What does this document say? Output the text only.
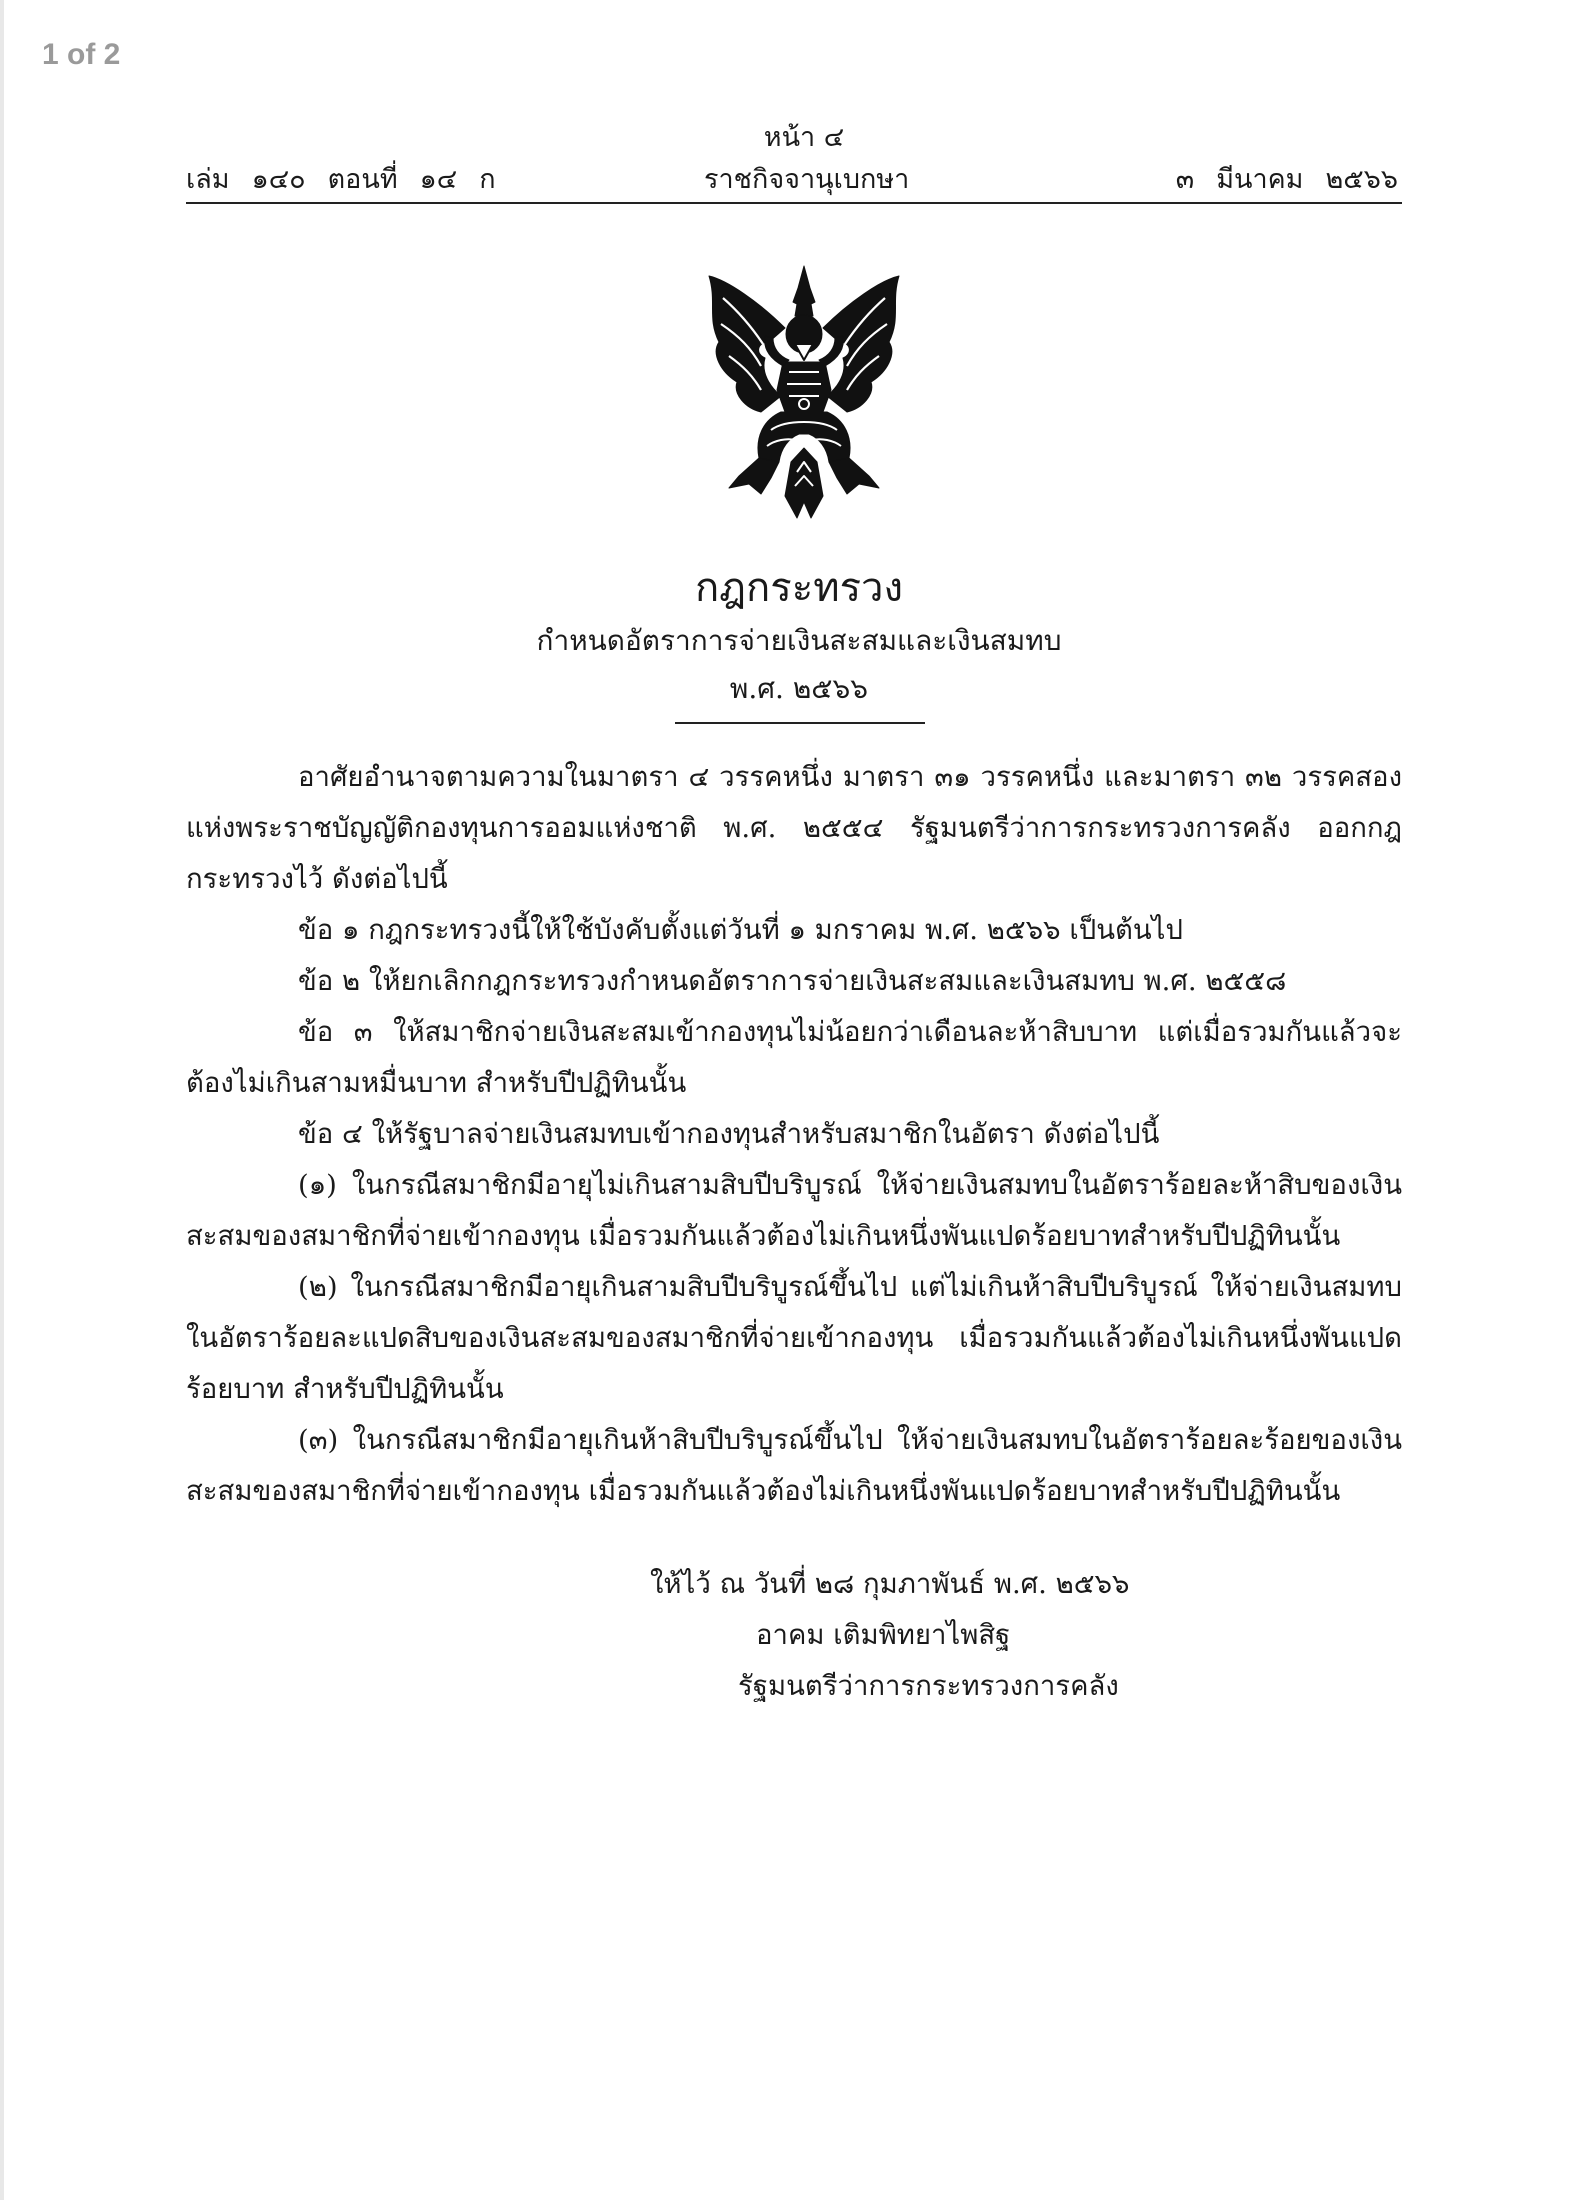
1 of 2
หน้า ๔
เล่ม ๑๔๐ ตอนที่ ๑๔ ก	ราชกิจจานุเบกษา	๓ มีนาคม ๒๕๖๖
กฎกระทรวง
กำหนดอัตราการจ่ายเงินสะสมและเงินสมทบ
พ.ศ. ๒๕๖๖

อาศัยอำนาจตามความในมาตรา ๔ วรรคหนึ่ง มาตรา ๓๑ วรรคหนึ่ง และมาตรา ๓๒ วรรคสอง แห่งพระราชบัญญัติกองทุนการออมแห่งชาติ พ.ศ. ๒๕๕๔ รัฐมนตรีว่าการกระทรวงการคลัง ออกกฎกระทรวงไว้ ดังต่อไปนี้

ข้อ ๑ กฎกระทรวงนี้ให้ใช้บังคับตั้งแต่วันที่ ๑ มกราคม พ.ศ. ๒๕๖๖ เป็นต้นไป

ข้อ ๒ ให้ยกเลิกกฎกระทรวงกำหนดอัตราการจ่ายเงินสะสมและเงินสมทบ พ.ศ. ๒๕๕๘

ข้อ ๓ ให้สมาชิกจ่ายเงินสะสมเข้ากองทุนไม่น้อยกว่าเดือนละห้าสิบบาท แต่เมื่อรวมกันแล้วจะต้องไม่เกินสามหมื่นบาท สำหรับปีปฏิทินนั้น

ข้อ ๔ ให้รัฐบาลจ่ายเงินสมทบเข้ากองทุนสำหรับสมาชิกในอัตรา ดังต่อไปนี้

(๑) ในกรณีสมาชิกมีอายุไม่เกินสามสิบปีบริบูรณ์ ให้จ่ายเงินสมทบในอัตราร้อยละห้าสิบของเงินสะสมของสมาชิกที่จ่ายเข้ากองทุน เมื่อรวมกันแล้วต้องไม่เกินหนึ่งพันแปดร้อยบาทสำหรับปีปฏิทินนั้น

(๒) ในกรณีสมาชิกมีอายุเกินสามสิบปีบริบูรณ์ขึ้นไป แต่ไม่เกินห้าสิบปีบริบูรณ์ ให้จ่ายเงินสมทบในอัตราร้อยละแปดสิบของเงินสะสมของสมาชิกที่จ่ายเข้ากองทุน เมื่อรวมกันแล้วต้องไม่เกินหนึ่งพันแปดร้อยบาท สำหรับปีปฏิทินนั้น

(๓) ในกรณีสมาชิกมีอายุเกินห้าสิบปีบริบูรณ์ขึ้นไป ให้จ่ายเงินสมทบในอัตราร้อยละร้อยของเงินสะสมของสมาชิกที่จ่ายเข้ากองทุน เมื่อรวมกันแล้วต้องไม่เกินหนึ่งพันแปดร้อยบาทสำหรับปีปฏิทินนั้น

ให้ไว้ ณ วันที่ ๒๘ กุมภาพันธ์ พ.ศ. ๒๕๖๖
อาคม เติมพิทยาไพสิฐ
รัฐมนตรีว่าการกระทรวงการคลัง
